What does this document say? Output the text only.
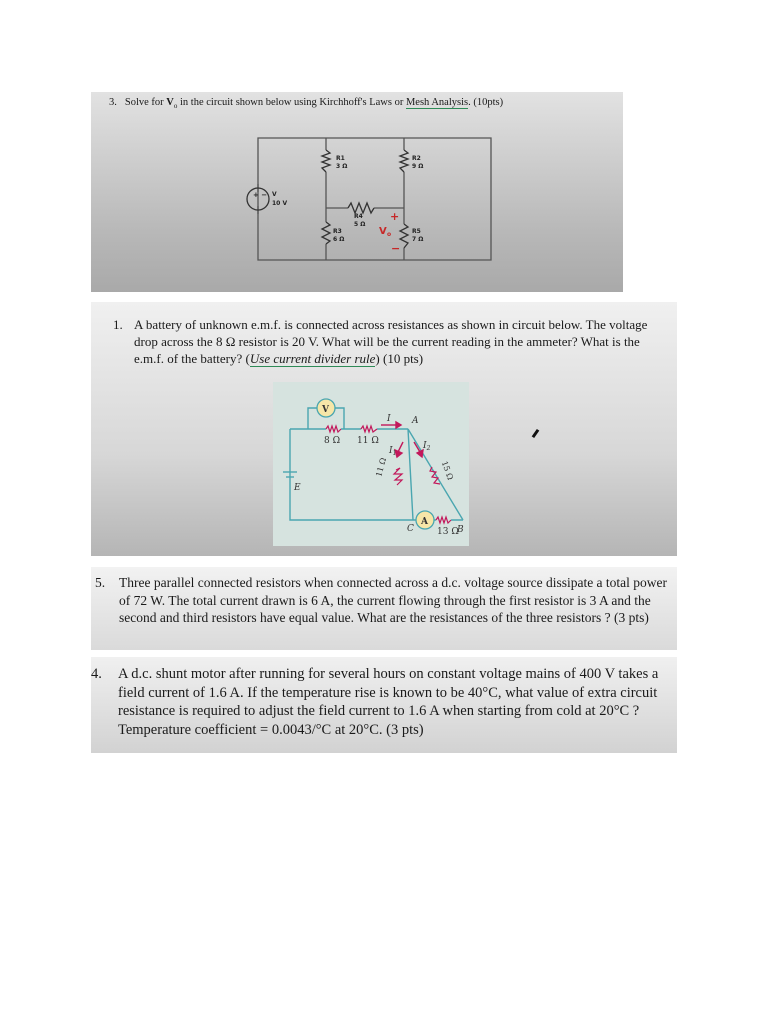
3. Solve for $V_o$ in the circuit shown below using Kirchhoff's Laws or Mesh Analysis. (10pts)

+ − V
10 V
R1
3 Ω
R2
9 Ω
R3
6 Ω
R4
5 Ω
R5
7 Ω
+
V o
−

1. A battery of unknown e.m.f. is connected across resistances as shown in circuit below. The voltage drop across the 8 Ω resistor is 20 V. What will be the current reading in the ammeter? What is the e.m.f. of the battery? (Use current divider rule) (10 pts)

V
A
8 Ω 11 Ω
13 Ω
11 Ω	15 Ω
I
$I_1$
$I_2$
A
B
C
E

5.	Three parallel connected resistors when connected across a d.c. voltage source dissipate a total power of 72 W. The total current drawn is 6 A, the current flowing through the first resistor is 3 A and the second and third resistors have equal value. What are the resistances of the three resistors ? (3 pts)

4.	A d.c. shunt motor after running for several hours on constant voltage mains of 400 V takes a field current of 1.6 A. If the temperature rise is known to be 40°C, what value of extra circuit resistance is required to adjust the field current to 1.6 A when starting from cold at 20°C ? Temperature coefficient = 0.0043/°C at 20°C. (3 pts)
